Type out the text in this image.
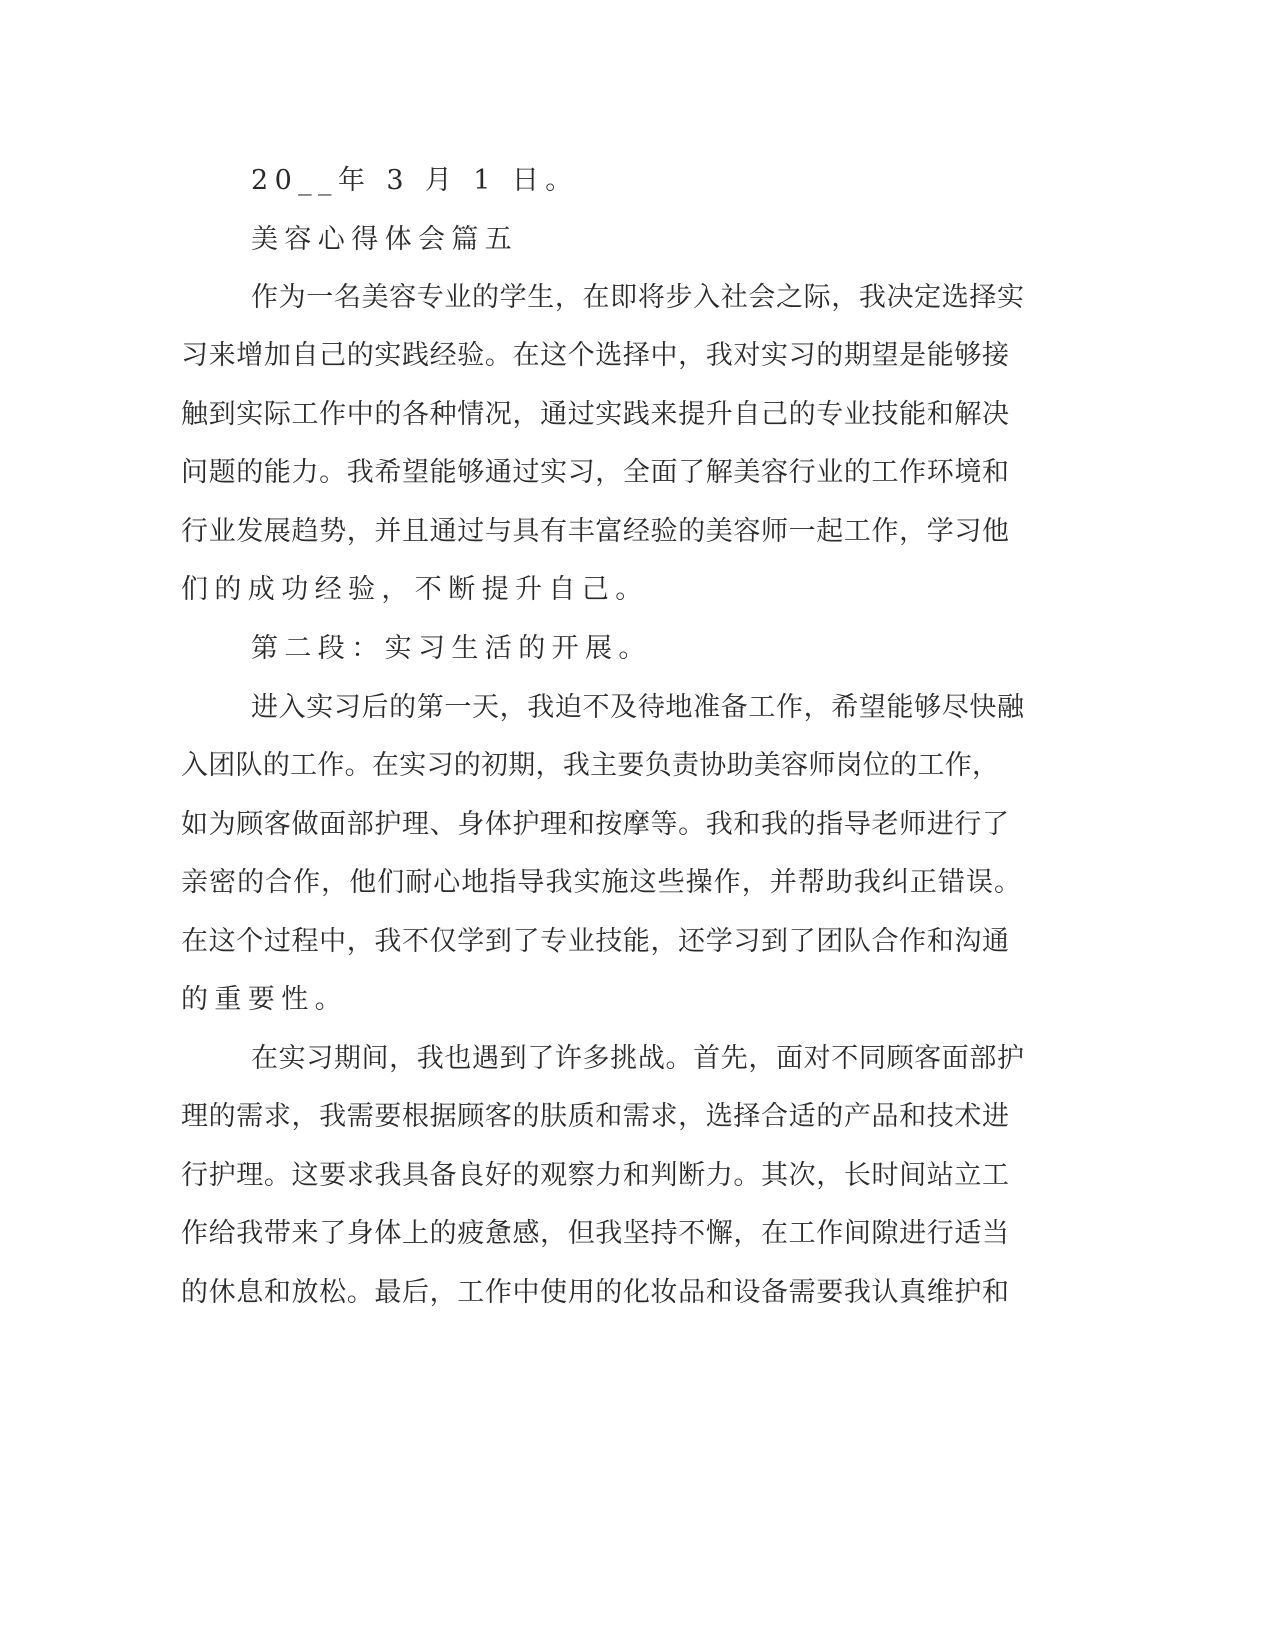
20__年 3 月 1 日。
美容心得体会篇五
作为一名美容专业的学生，在即将步入社会之际，我决定选择实
习来增加自己的实践经验。在这个选择中，我对实习的期望是能够接
触到实际工作中的各种情况，通过实践来提升自己的专业技能和解决
问题的能力。我希望能够通过实习，全面了解美容行业的工作环境和
行业发展趋势，并且通过与具有丰富经验的美容师一起工作，学习他
们的成功经验，不断提升自己。
第二段：实习生活的开展。
进入实习后的第一天，我迫不及待地准备工作，希望能够尽快融
入团队的工作。在实习的初期，我主要负责协助美容师岗位的工作，
如为顾客做面部护理、身体护理和按摩等。我和我的指导老师进行了
亲密的合作，他们耐心地指导我实施这些操作，并帮助我纠正错误。
在这个过程中，我不仅学到了专业技能，还学习到了团队合作和沟通
的重要性。
在实习期间，我也遇到了许多挑战。首先，面对不同顾客面部护
理的需求，我需要根据顾客的肤质和需求，选择合适的产品和技术进
行护理。这要求我具备良好的观察力和判断力。其次，长时间站立工
作给我带来了身体上的疲惫感，但我坚持不懈，在工作间隙进行适当
的休息和放松。最后，工作中使用的化妆品和设备需要我认真维护和
